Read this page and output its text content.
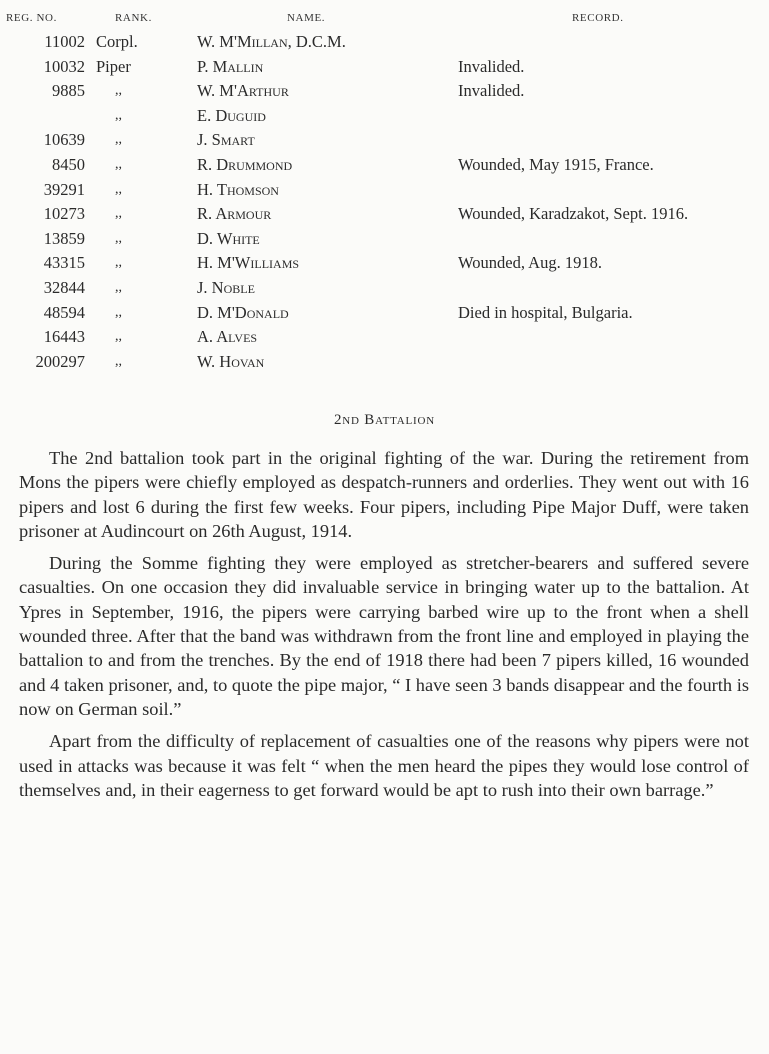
REG. NO.	RANK.	NAME.	RECORD.
11002 Corpl.	W. M'Millan, D.C.M.
10032 Piper	P. Mallin	Invalided.
9885 ,,	W. M'Arthur	Invalided.
,,	E. Duguid
10639 ,,	J. Smart
8450 ,,	R. Drummond	Wounded, May 1915, France.
39291 ,,	H. Thomson
10273 ,,	R. Armour	Wounded, Karadzakot, Sept. 1916.
13859 ,,	D. White
43315 ,,	H. M'Williams	Wounded, Aug. 1918.
32844 ,,	J. Noble
48594 ,,	D. M'Donald	Died in hospital, Bulgaria.
16443 ,,	A. Alves
200297 ,,	W. Hovan
2nd Battalion

The 2nd battalion took part in the original fighting of the war. During the retirement from Mons the pipers were chiefly employed as despatch-runners and orderlies. They went out with 16 pipers and lost 6 during the first few weeks. Four pipers, including Pipe Major Duff, were taken prisoner at Audincourt on 26th August, 1914.

During the Somme fighting they were employed as stretcher-bearers and suffered severe casualties. On one occasion they did invaluable service in bringing water up to the battalion. At Ypres in September, 1916, the pipers were carrying barbed wire up to the front when a shell wounded three. After that the band was withdrawn from the front line and employed in playing the battalion to and from the trenches. By the end of 1918 there had been 7 pipers killed, 16 wounded and 4 taken prisoner, and, to quote the pipe major, “ I have seen 3 bands disappear and the fourth is now on German soil.”

Apart from the difficulty of replacement of casualties one of the reasons why pipers were not used in attacks was because it was felt “ when the men heard the pipes they would lose control of themselves and, in their eagerness to get forward would be apt to rush into their own barrage.”
